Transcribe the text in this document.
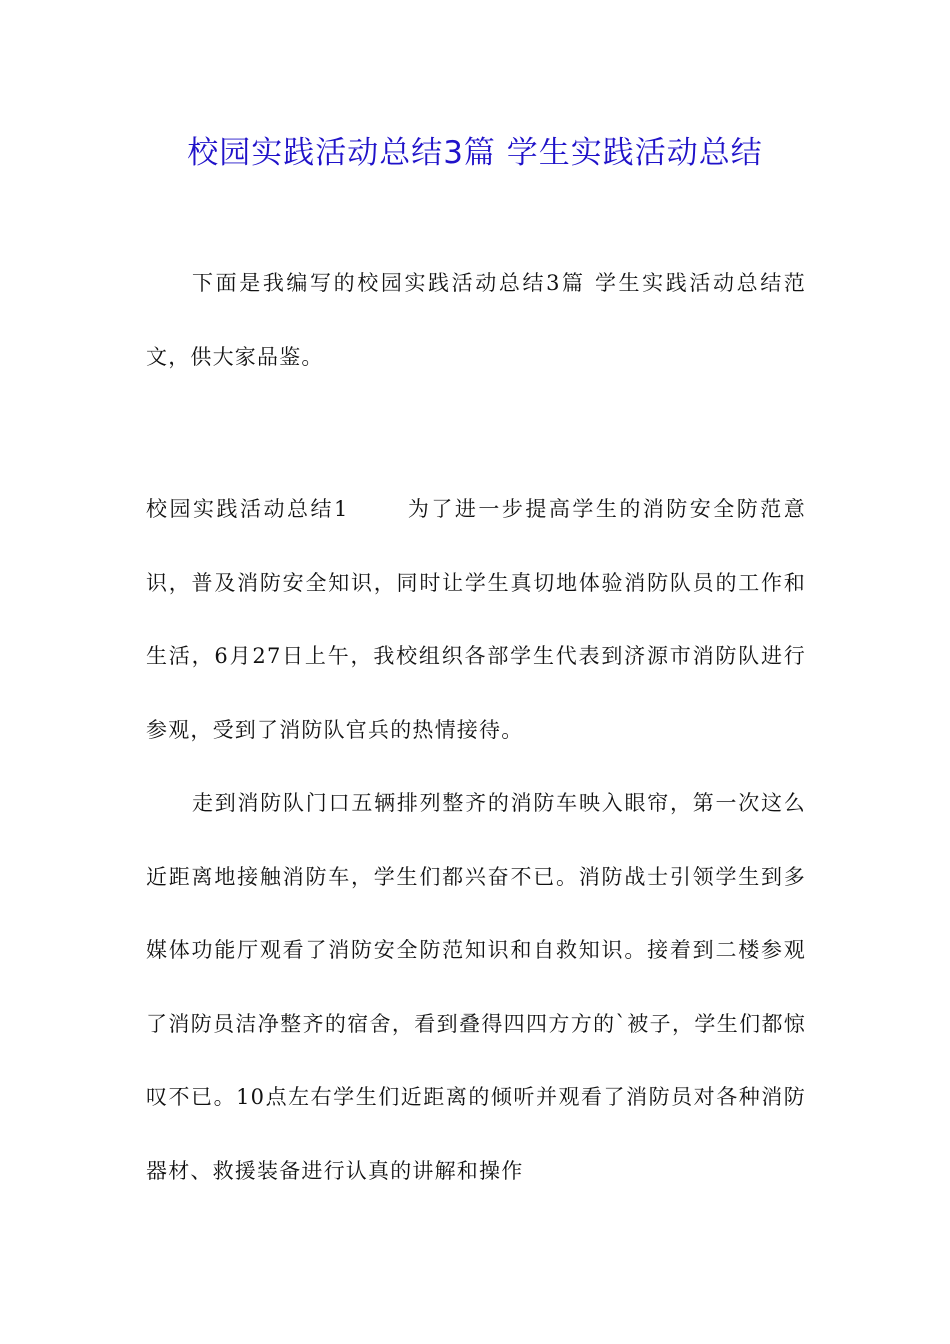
校园实践活动总结3篇 学生实践活动总结

下面是我编写的校园实践活动总结3篇 学生实践活动总结范文，供大家品鉴。

校园实践活动总结1	为了进一步提高学生的消防安全防范意识，普及消防安全知识，同时让学生真切地体验消防队员的工作和生活，6月27日上午，我校组织各部学生代表到济源市消防队进行参观，受到了消防队官兵的热情接待。

走到消防队门口五辆排列整齐的消防车映入眼帘，第一次这么近距离地接触消防车，学生们都兴奋不已。消防战士引领学生到多媒体功能厅观看了消防安全防范知识和自救知识。接着到二楼参观了消防员洁净整齐的宿舍，看到叠得四四方方的`被子，学生们都惊叹不已。10点左右学生们近距离的倾听并观看了消防员对各种消防器材、救援装备进行认真的讲解和操作
